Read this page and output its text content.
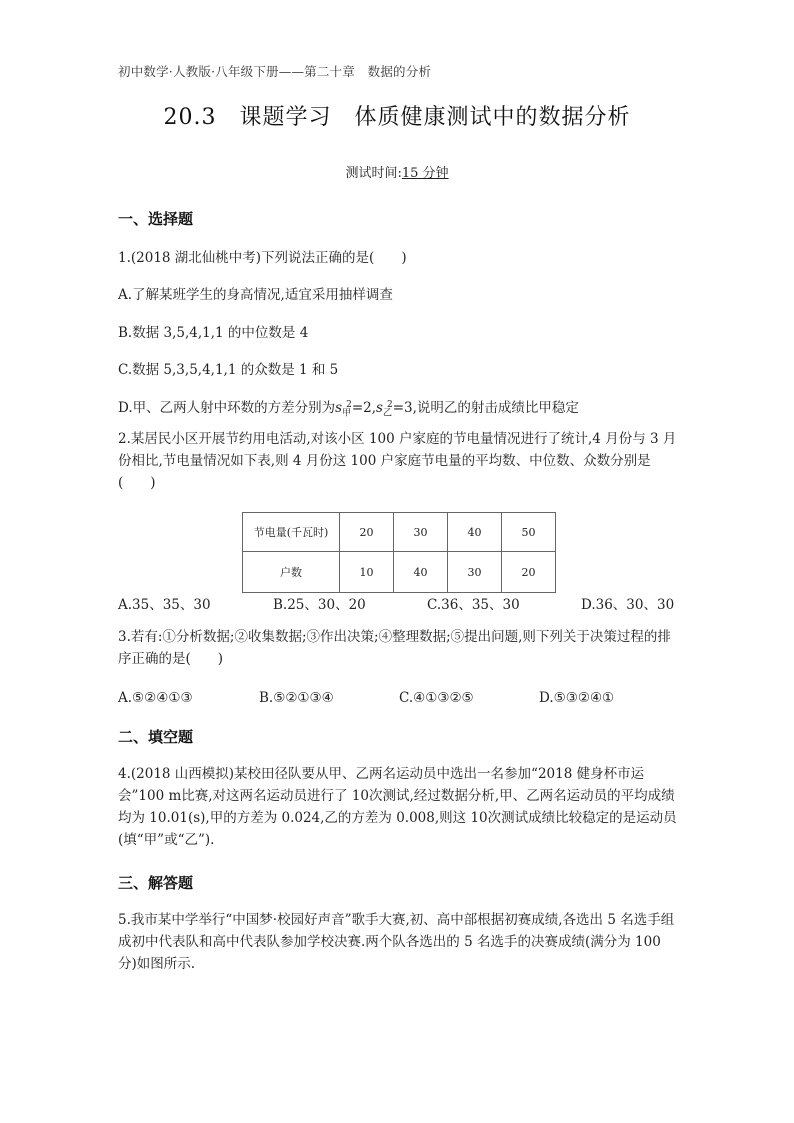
初中数学·人教版·八年级下册——第二十章　数据的分析
20.3　课题学习　体质健康测试中的数据分析
测试时间:15 分钟
一、选择题
1.(2018 湖北仙桃中考)下列说法正确的是(　　)
A.了解某班学生的身高情况,适宜采用抽样调查
B.数据 3,5,4,1,1 的中位数是 4
C.数据 5,3,5,4,1,1 的众数是 1 和 5
D.甲、乙两人射中环数的方差分别为$s_甲^2=2,s_乙^2=3$,说明乙的射击成绩比甲稳定
2.某居民小区开展节约用电活动,对该小区 100 户家庭的节电量情况进行了统计,4 月份与 3 月份相比,节电量情况如下表,则 4 月份这 100 户家庭节电量的平均数、中位数、众数分别是(　　)
节电量(千瓦时)	20	30	40	50
户数	10	40	30	20
A.35、35、30	B.25、30、20	C.36、35、30	D.36、30、30
3.若有:①分析数据;②收集数据;③作出决策;④整理数据;⑤提出问题,则下列关于决策过程的排序正确的是(　　)
A.⑤②④①③	B.⑤②①③④	C.④①③②⑤	D.⑤③②④①
二、填空题
4.(2018 山西模拟)某校田径队要从甲、乙两名运动员中选出一名参加“2018 健身杯市运会”100 m比赛,对这两名运动员进行了 10次测试,经过数据分析,甲、乙两名运动员的平均成绩均为 10.01(s),甲的方差为 0.024,乙的方差为 0.008,则这 10次测试成绩比较稳定的是运动员(填“甲”或“乙”).
三、解答题
5.我市某中学举行“中国梦·校园好声音”歌手大赛,初、高中部根据初赛成绩,各选出 5 名选手组成初中代表队和高中代表队参加学校决赛.两个队各选出的 5 名选手的决赛成绩(满分为 100 分)如图所示.
